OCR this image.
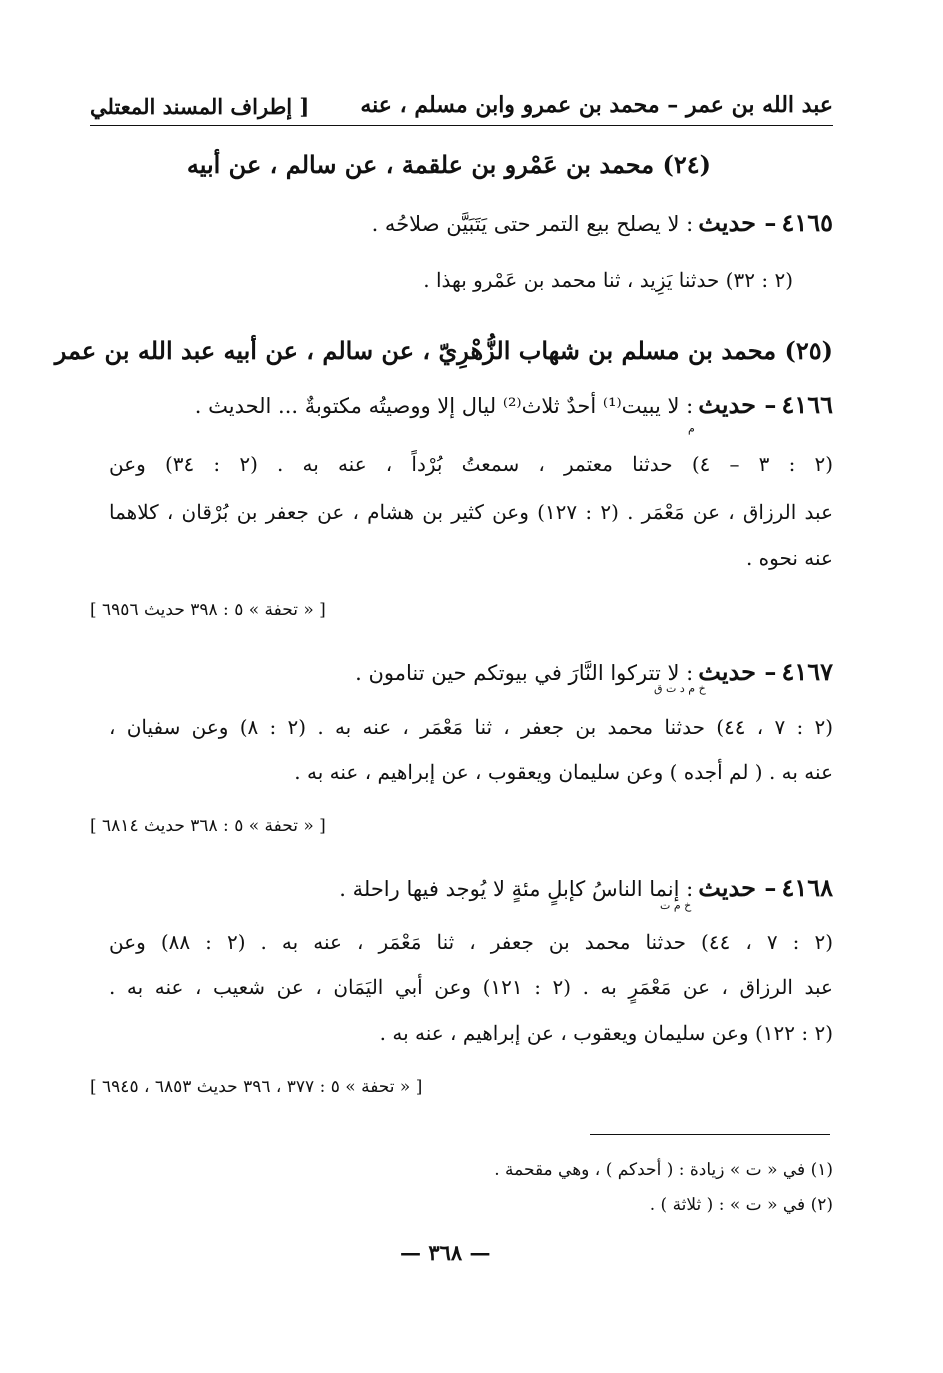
عبد الله بن عمر – محمد بن عمرو وابن مسلم ، عنه
[ إطراف المسند المعتلي
(٢٤) محمد بن عَمْرو بن علقمة ، عن سالم ، عن أبيه
٤١٦٥ – حديث : لا يصلح بيع التمر حتى يَتَبَيَّن صلاحُه .
(٢ : ٣٢) حدثنا يَزِيد ، ثنا محمد بن عَمْرو بهذا .
(٢٥) محمد بن مسلم بن شهاب الزُّهْرِيّ ، عن سالم ، عن أبيه عبد الله بن عمر
٤١٦٦ – حديث : لا يبيت⁽¹⁾ أحدٌ ثلاث⁽²⁾ ليال إلا ووصيتُه مكتوبةٌ ... الحديث .
م
(٢ : ٣ – ٤) حدثنا معتمر ، سمعتُ بُرْداً ، عنه به . (٢ : ٣٤) وعن
عبد الرزاق ، عن مَعْمَر . (٢ : ١٢٧) وعن كثير بن هشام ، عن جعفر بن بُرْقان ، كلاهما
عنه نحوه .
[ « تحفة » ٥ : ٣٩٨ حديث ٦٩٥٦ ]
٤١٦٧ – حديث : لا تتركوا النَّارَ في بيوتكم حين تنامون .
خ م د ت ق
(٢ : ٧ ، ٤٤) حدثنا محمد بن جعفر ، ثنا مَعْمَر ، عنه به . (٢ : ٨) وعن سفيان ،
عنه به . ( لم أجده ) وعن سليمان ويعقوب ، عن إبراهيم ، عنه به .
[ « تحفة » ٥ : ٣٦٨ حديث ٦٨١٤ ]
٤١٦٨ – حديث : إنما الناسُ كإبلٍ مئةٍ لا يُوجد فيها راحلة .
خ م ت
(٢ : ٧ ، ٤٤) حدثنا محمد بن جعفر ، ثنا مَعْمَر ، عنه به . (٢ : ٨٨) وعن
عبد الرزاق ، عن مَعْمَرٍ به . (٢ : ١٢١) وعن أبي اليَمَان ، عن شعيب ، عنه به .
(٢ : ١٢٢) وعن سليمان ويعقوب ، عن إبراهيم ، عنه به .
[ « تحفة » ٥ : ٣٧٧ ، ٣٩٦ حديث ٦٨٥٣ ، ٦٩٤٥ ]
(١) في « ت » زيادة : ( أحدكم ) ، وهي مقحمة .
(٢) في « ت » : ( ثلاثة ) .
— ٣٦٨ —
